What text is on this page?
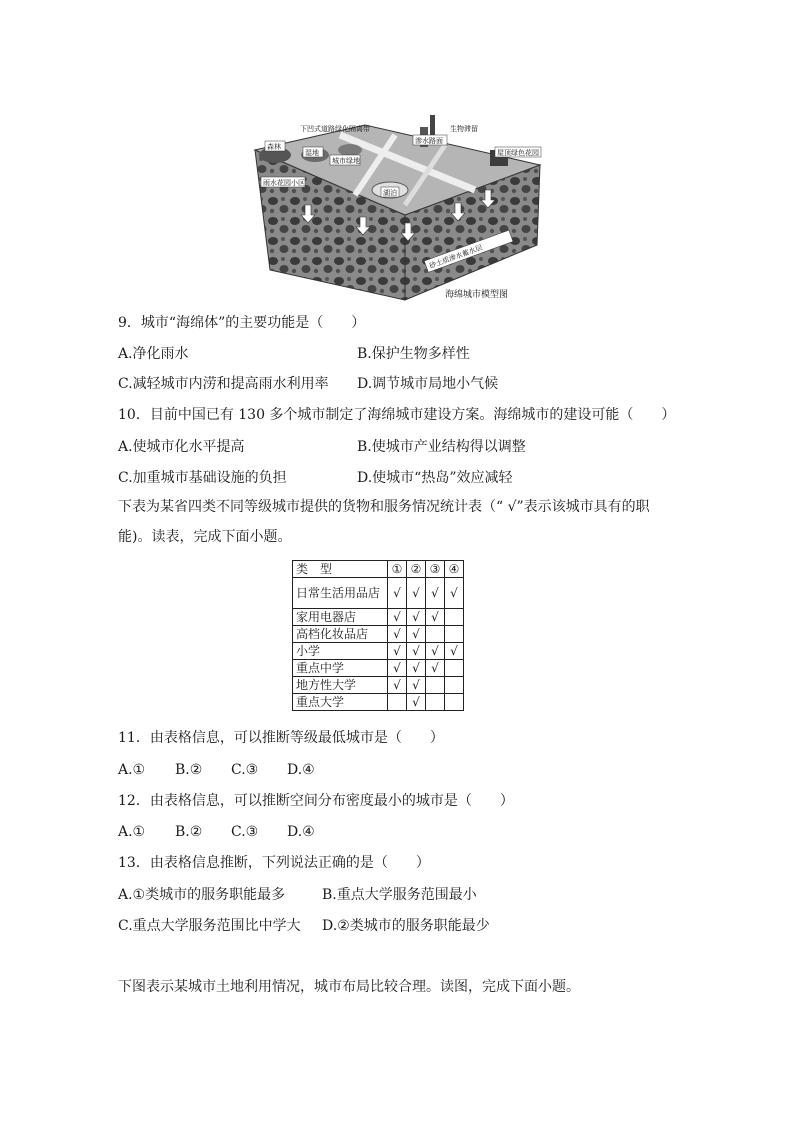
森林
湿地
城市绿地
雨水花园小区
湖泊
下凹式道路绿化隔离带
渗水路面
生物滞留
屋顶绿色花园
砂土质渗水蓄水层
海绵城市模型图
9．城市“海绵体”的主要功能是（　　）
A.净化雨水	B.保护生物多样性
C.减轻城市内涝和提高雨水利用率 D.调节城市局地小气候
10．目前中国已有 130 多个城市制定了海绵城市建设方案。海绵城市的建设可能（　　）
A.使城市化水平提高	B.使城市产业结构得以调整
C.加重城市基础设施的负担	D.使城市“热岛”效应减轻
下表为某省四类不同等级城市提供的货物和服务情况统计表（“ √”表示该城市具有的职能)。读表，完成下面小题。
类　型	①	②	③	④
日常生活用品店	√	√	√	√
家用电器店	√	√	√	
高档化妆品店	√	√		
小学	√	√	√	√
重点中学	√	√	√	
地方性大学	√	√		
重点大学		√		
11．由表格信息，可以推断等级最低城市是（　　）
A.① B.② C.③ D.④
12．由表格信息，可以推断空间分布密度最小的城市是（　　）
A.① B.② C.③ D.④
13．由表格信息推断，下列说法正确的是（　　）
A.①类城市的服务职能最多	B.重点大学服务范围最小
C.重点大学服务范围比中学大 D.②类城市的服务职能最少
下图表示某城市土地利用情况，城市布局比较合理。读图，完成下面小题。
